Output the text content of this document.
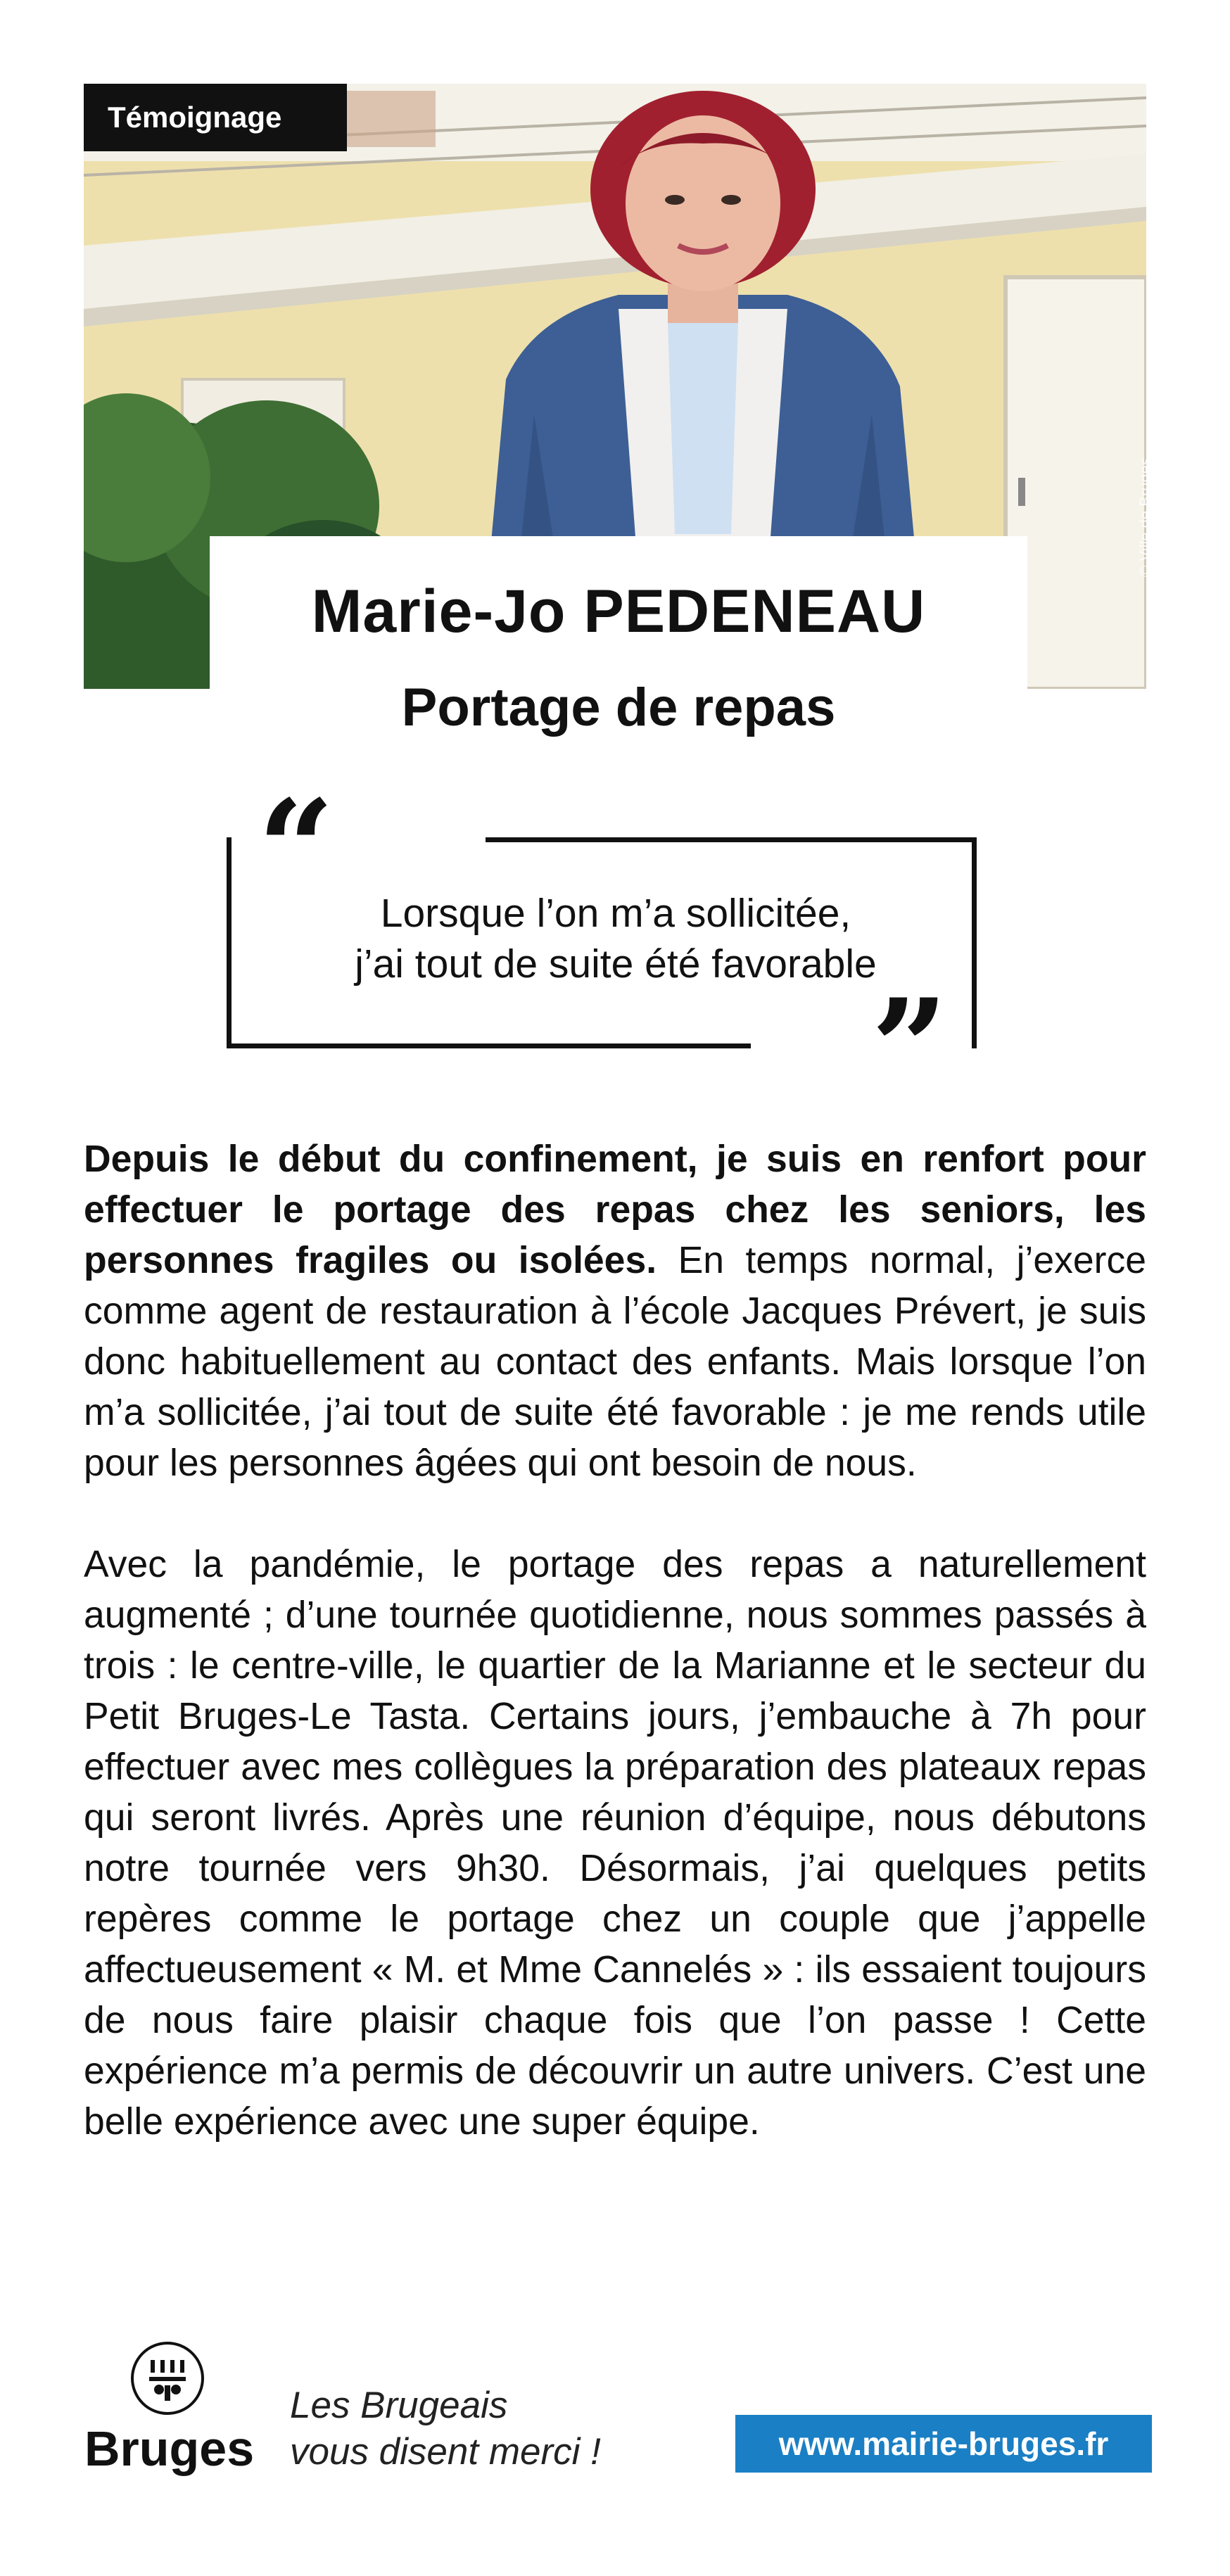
Témoignage
© Ville de Bruges
Marie-Jo PEDENEAU
Portage de repas
“
”
Lorsque l’on m’a sollicitée,
j’ai tout de suite été favorable

Depuis le début du confinement, je suis en renfort pour effectuer le portage des repas chez les seniors, les personnes fragiles ou isolées. En temps normal, j’exerce comme agent de restauration à l’école Jacques Prévert, je suis donc habituellement au contact des enfants. Mais lorsque l’on m’a sollicitée, j’ai tout de suite été favorable : je me rends utile pour les personnes âgées qui ont besoin de nous.

Avec la pandémie, le portage des repas a naturellement augmenté ; d’une tournée quotidienne, nous sommes passés à trois : le centre-ville, le quartier de la Marianne et le secteur du Petit Bruges-Le Tasta. Certains jours, j’embauche à 7h pour effectuer avec mes collègues la préparation des plateaux repas qui seront livrés. Après une réunion d’équipe, nous débutons notre tournée vers 9h30. Désormais, j’ai quelques petits repères comme le portage chez un couple que j’appelle affectueusement « M. et Mme Cannelés » : ils essaient toujours de nous faire plaisir chaque fois que l’on passe ! Cette expérience m’a permis de découvrir un autre univers. C’est une belle expérience avec une super équipe.

Bruges
Les Brugeais
vous disent merci !	www.mairie-bruges.fr
